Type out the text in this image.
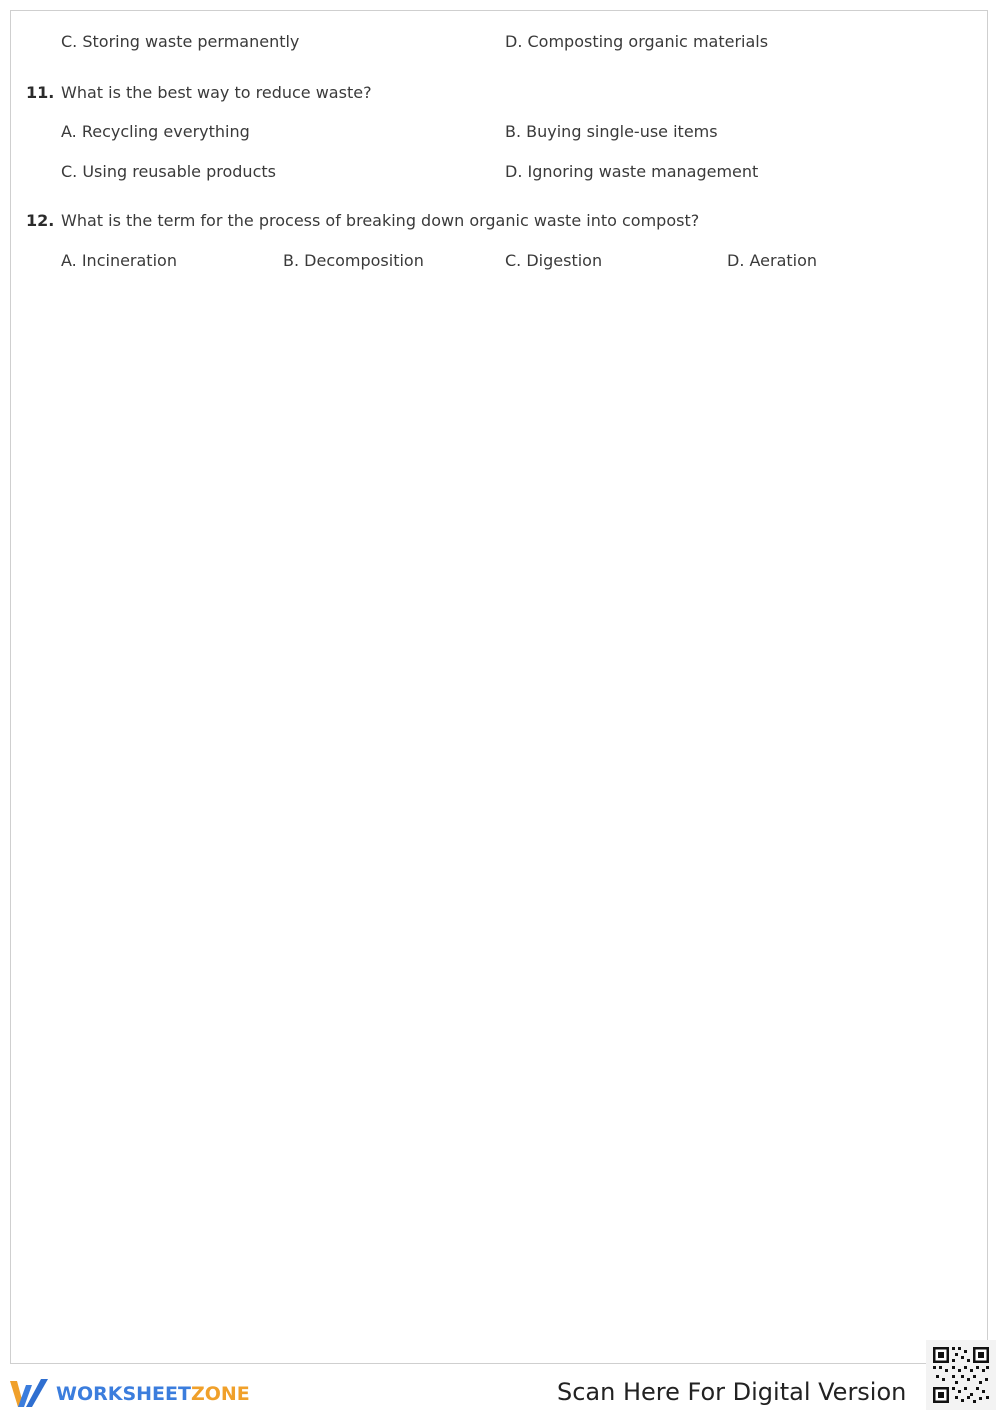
C. Storing waste permanently	D. Composting organic materials
11. What is the best way to reduce waste?
A. Recycling everything	B. Buying single-use items
C. Using reusable products	D. Ignoring waste management
12. What is the term for the process of breaking down organic waste into compost?
A. Incineration	B. Decomposition	C. Digestion	D. Aeration
WORKSHEETZONE	Scan Here For Digital Version
